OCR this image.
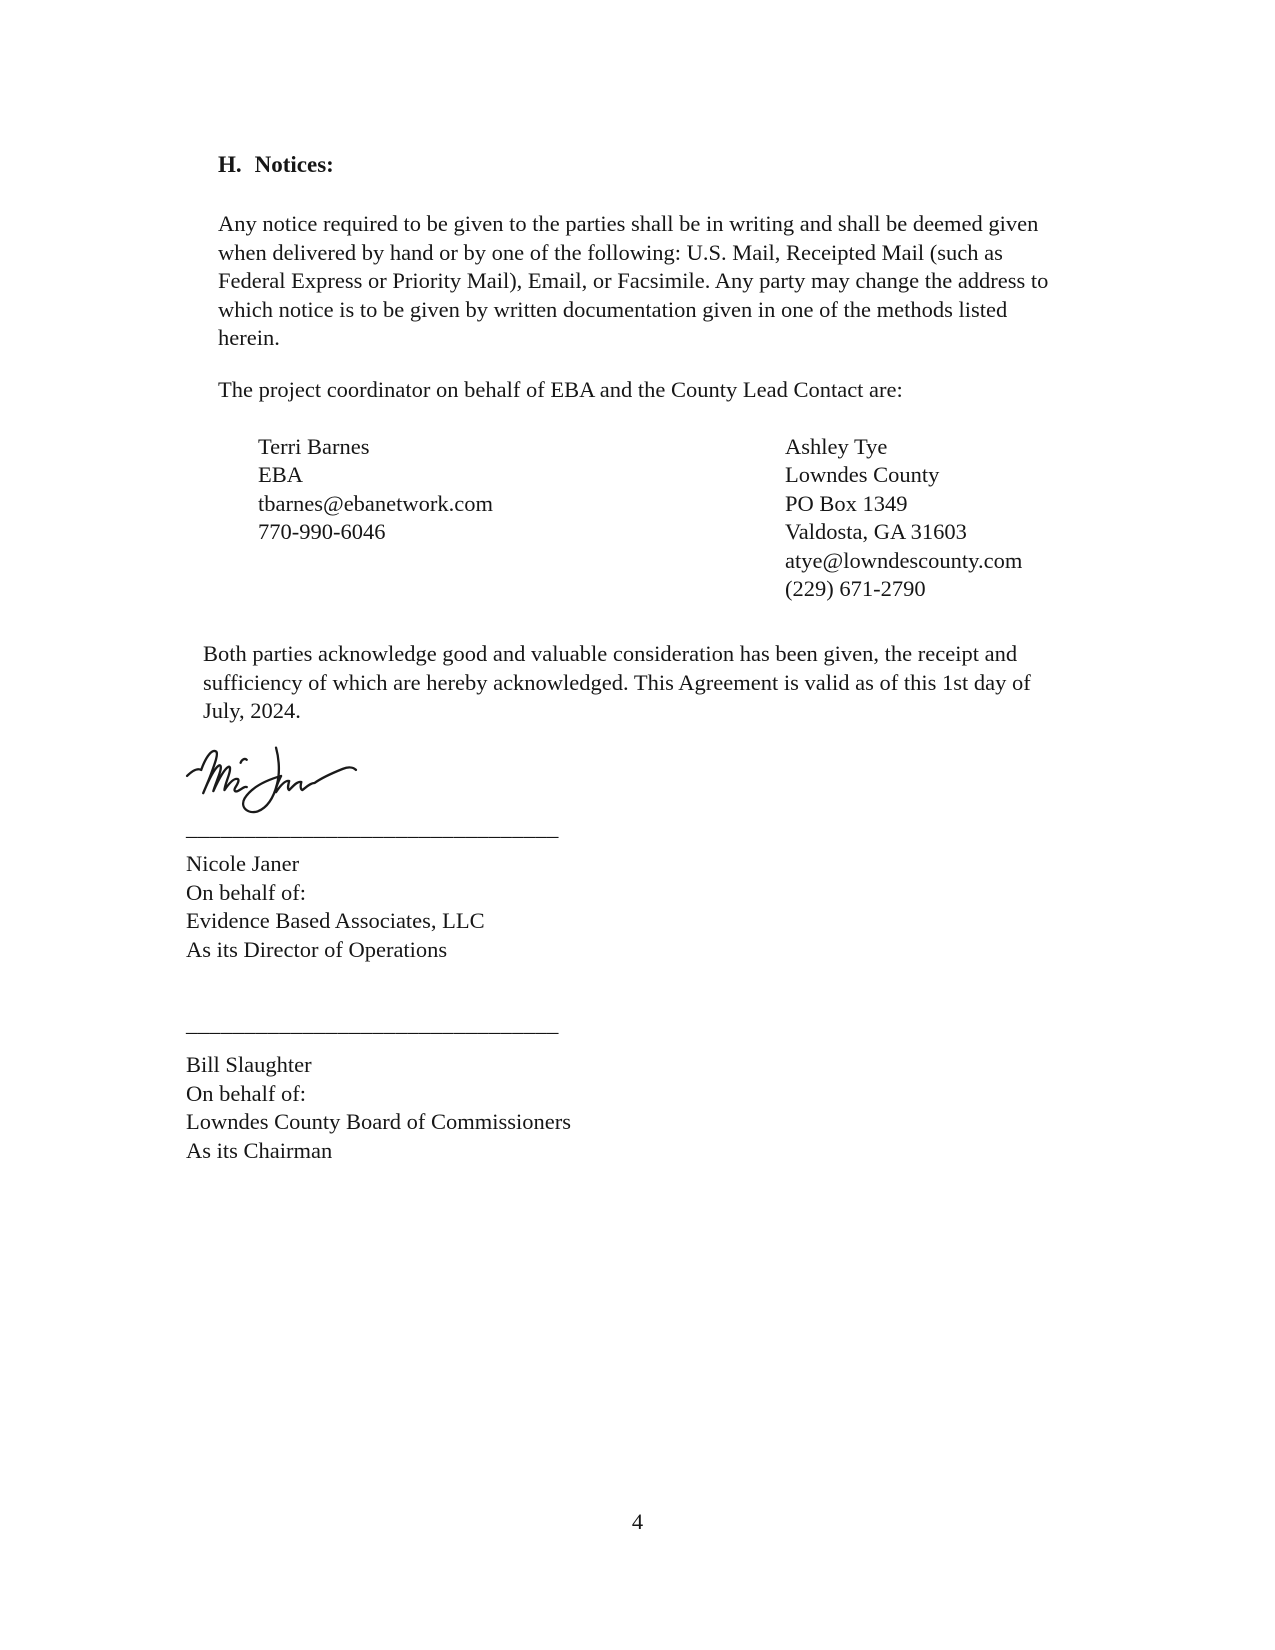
H. Notices:
Any notice required to be given to the parties shall be in writing and shall be deemed given when delivered by hand or by one of the following: U.S. Mail, Receipted Mail (such as Federal Express or Priority Mail), Email, or Facsimile. Any party may change the address to which notice is to be given by written documentation given in one of the methods listed herein.
The project coordinator on behalf of EBA and the County Lead Contact are:
Terri Barnes
EBA
tbarnes@ebanetwork.com
770-990-6046
Ashley Tye
Lowndes County
PO Box 1349
Valdosta, GA 31603
atye@lowndescounty.com
(229) 671-2790
Both parties acknowledge good and valuable consideration has been given, the receipt and sufficiency of which are hereby acknowledged. This Agreement is valid as of this 1st day of July, 2024.
________________________________
Nicole Janer
On behalf of:
Evidence Based Associates, LLC
As its Director of Operations
________________________________
Bill Slaughter
On behalf of:
Lowndes County Board of Commissioners
As its Chairman
4
